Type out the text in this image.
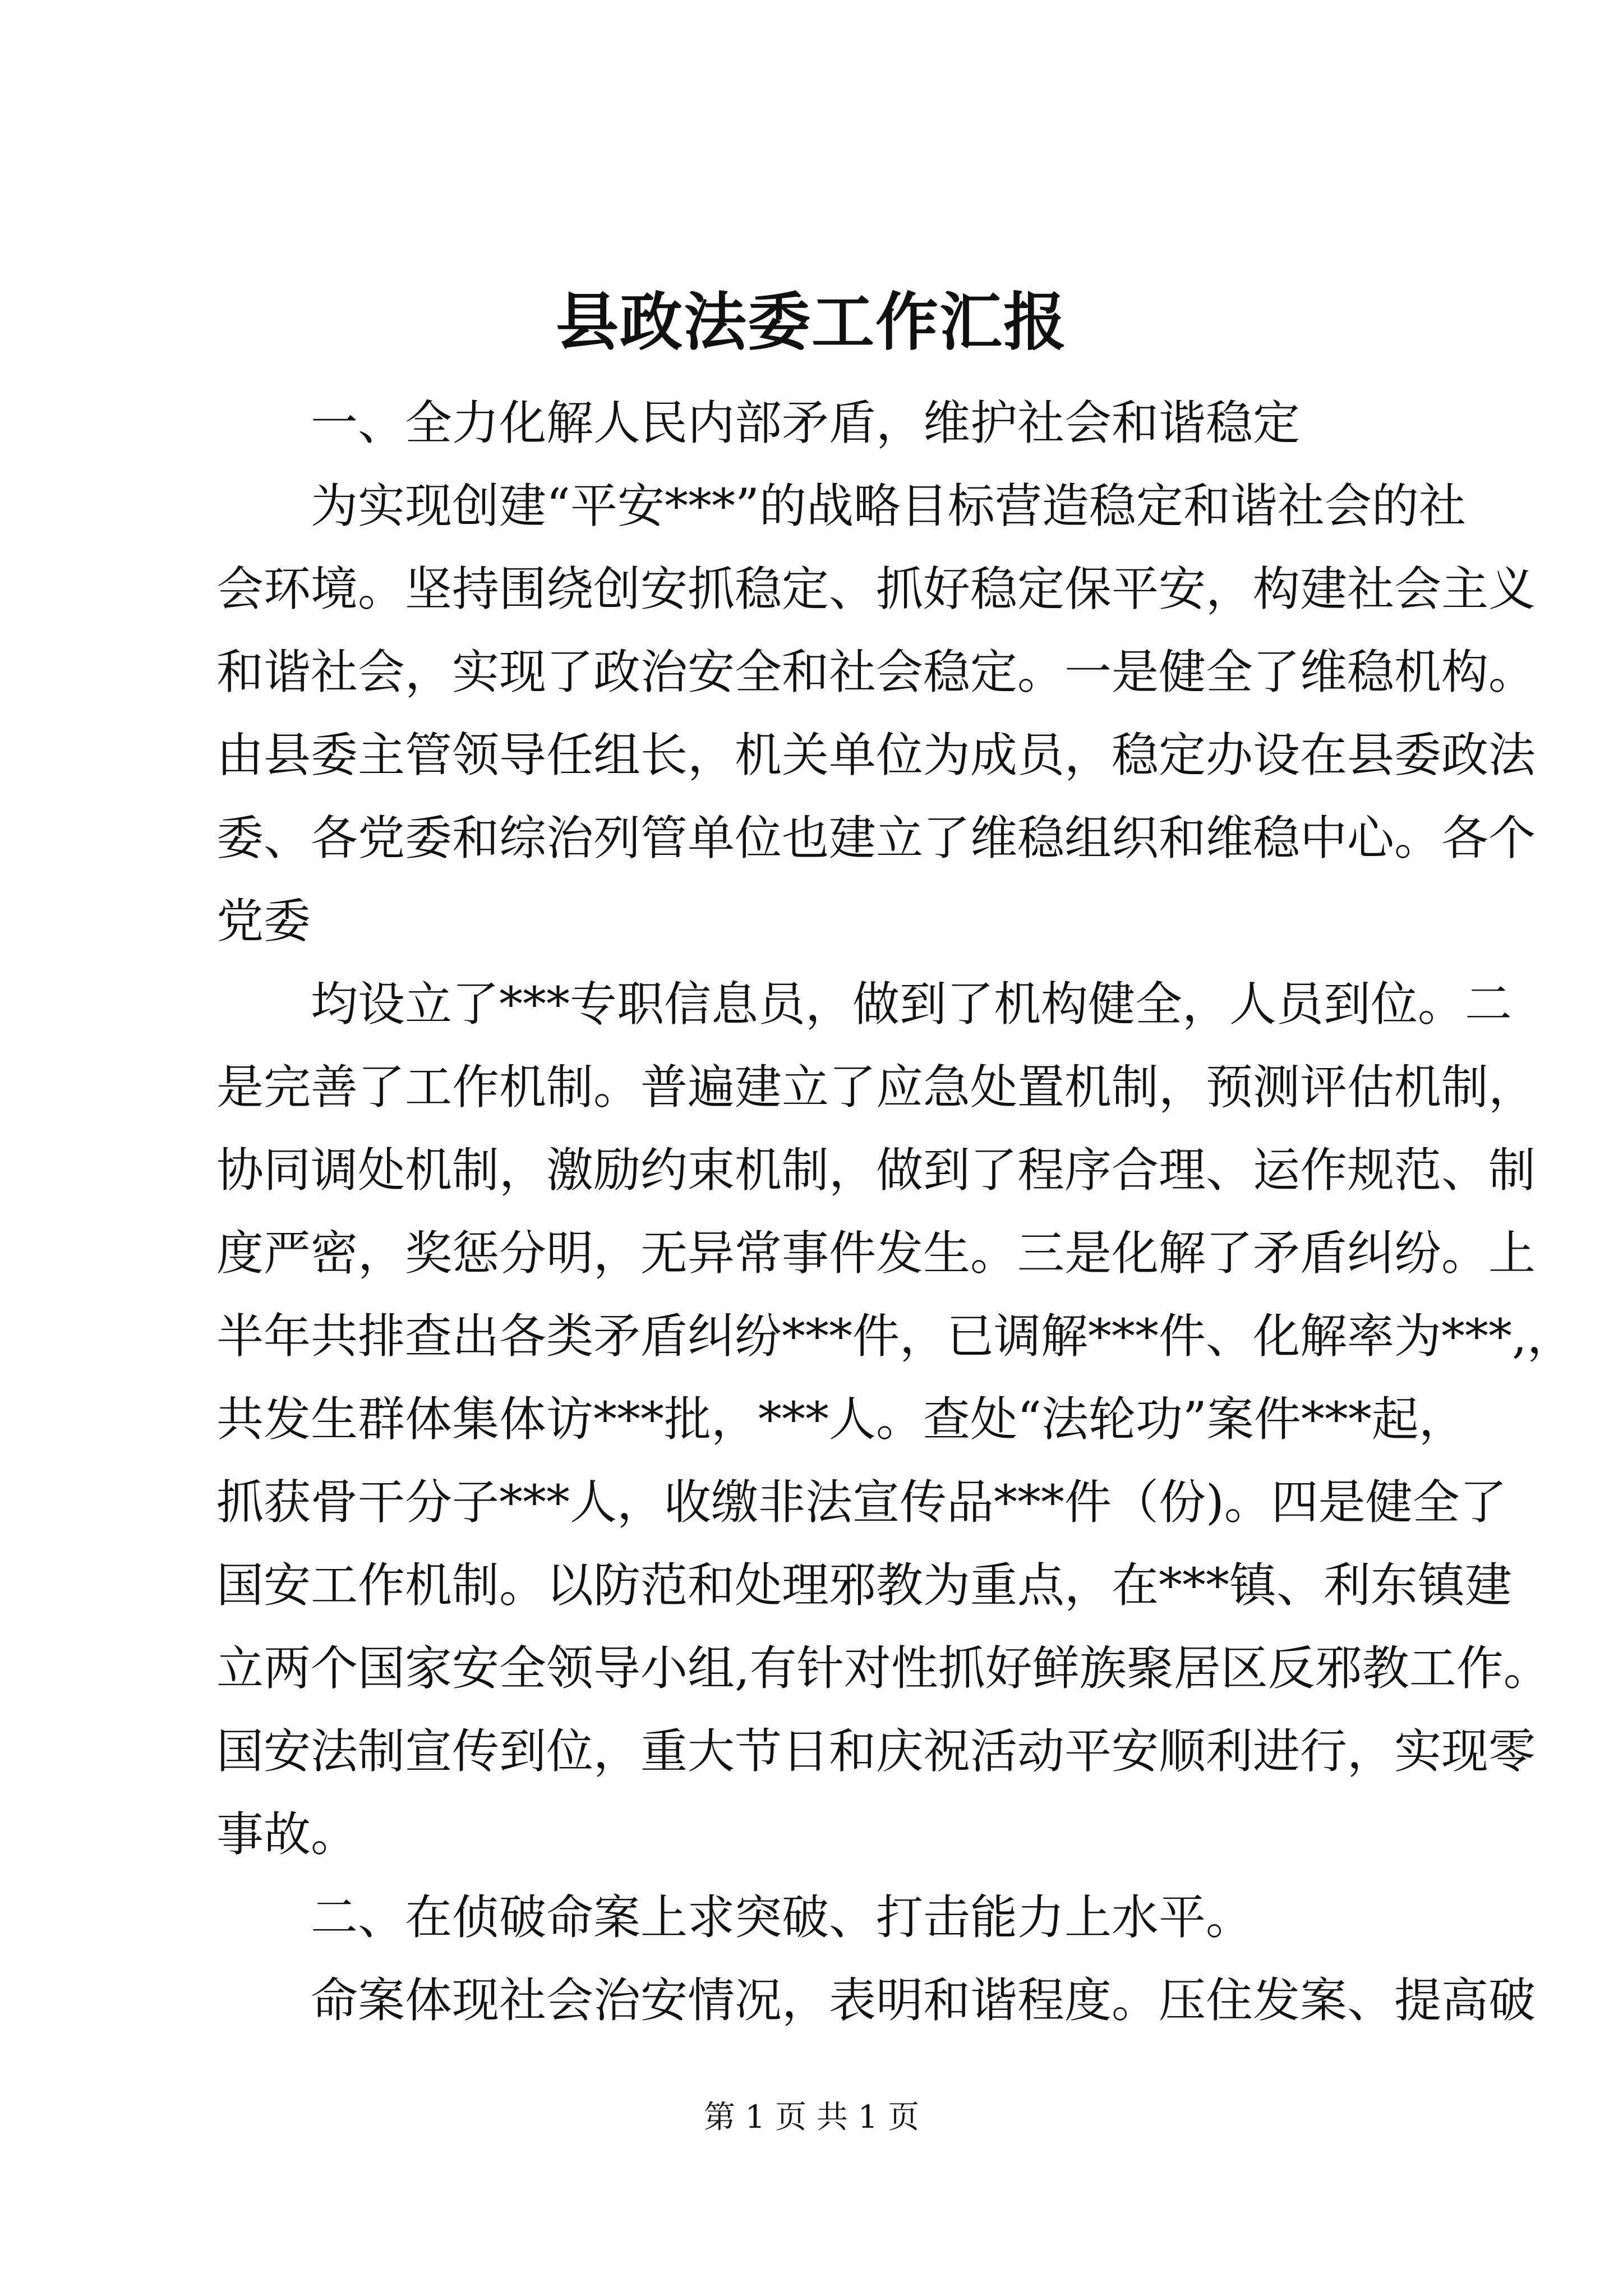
县政法委工作汇报
一、全力化解人民内部矛盾，维护社会和谐稳定
为实现创建“平安***”的战略目标营造稳定和谐社会的社
会环境。坚持围绕创安抓稳定、抓好稳定保平安，构建社会主义
和谐社会，实现了政治安全和社会稳定。一是健全了维稳机构。
由县委主管领导任组长，机关单位为成员，稳定办设在县委政法
委、各党委和综治列管单位也建立了维稳组织和维稳中心。各个
党委
均设立了***专职信息员，做到了机构健全，人员到位。二
是完善了工作机制。普遍建立了应急处置机制，预测评估机制，
协同调处机制，激励约束机制，做到了程序合理、运作规范、制
度严密，奖惩分明，无异常事件发生。三是化解了矛盾纠纷。上
半年共排查出各类矛盾纠纷***件，已调解***件、化解率为***,，
共发生群体集体访***批，***人。查处“法轮功”案件***起，
抓获骨干分子***人，收缴非法宣传品***件（份)。四是健全了
国安工作机制。以防范和处理邪教为重点，在***镇、利东镇建
立两个国家安全领导小组,有针对性抓好鲜族聚居区反邪教工作。
国安法制宣传到位，重大节日和庆祝活动平安顺利进行，实现零
事故。
二、在侦破命案上求突破、打击能力上水平。
命案体现社会治安情况，表明和谐程度。压住发案、提高破
第 1 页 共 1 页
